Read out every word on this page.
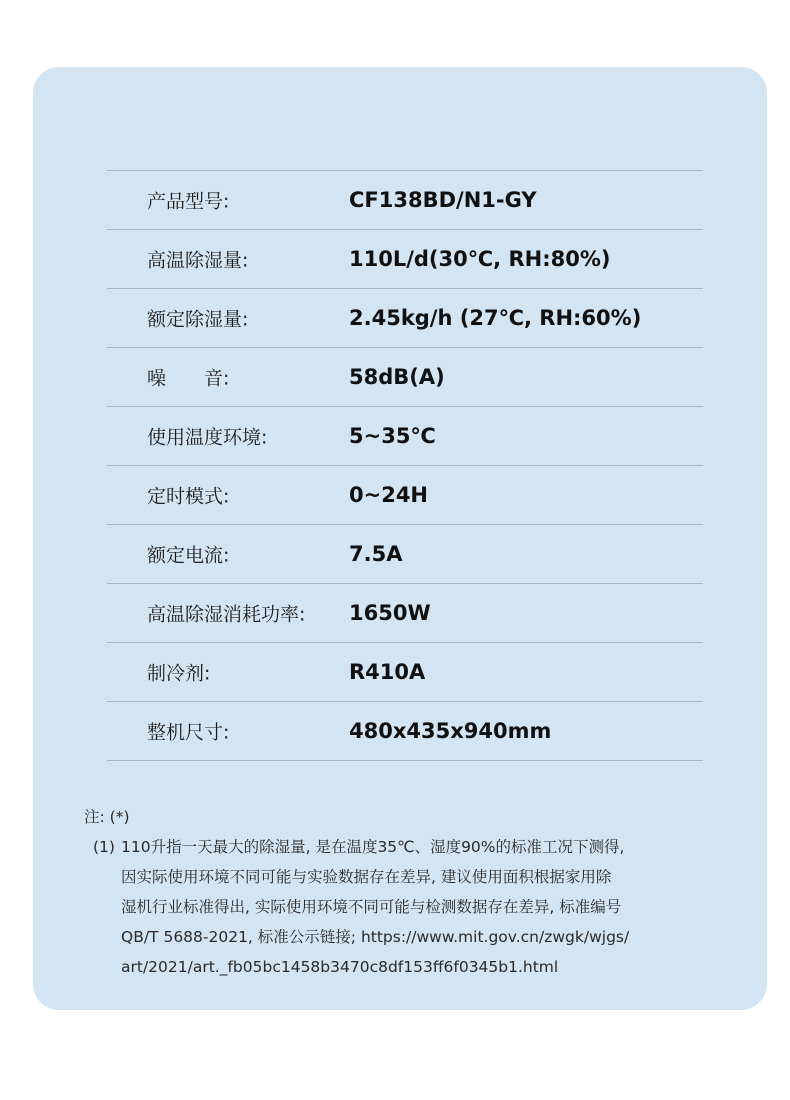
产品型号:	CF138BD/N1-GY
高温除湿量:	110L/d(30℃, RH:80%)
额定除湿量:	2.45kg/h (27℃, RH:60%)
噪　　音:	58dB(A)
使用温度环境:	5~35℃
定时模式:	0~24H
额定电流:	7.5A
高温除湿消耗功率: 1650W
制冷剂:	R410A
整机尺寸:	480x435x940mm
注: (*)
(1) 110升指一天最大的除湿量, 是在温度35℃、湿度90%的标准工况下测得,
因实际使用环境不同可能与实验数据存在差异, 建议使用面积根据家用除
湿机行业标准得出, 实际使用环境不同可能与检测数据存在差异, 标准编号
QB/T 5688-2021, 标准公示链接; https://www.mit.gov.cn/zwgk/wjgs/
art/2021/art._fb05bc1458b3470c8df153ff6f0345b1.html
